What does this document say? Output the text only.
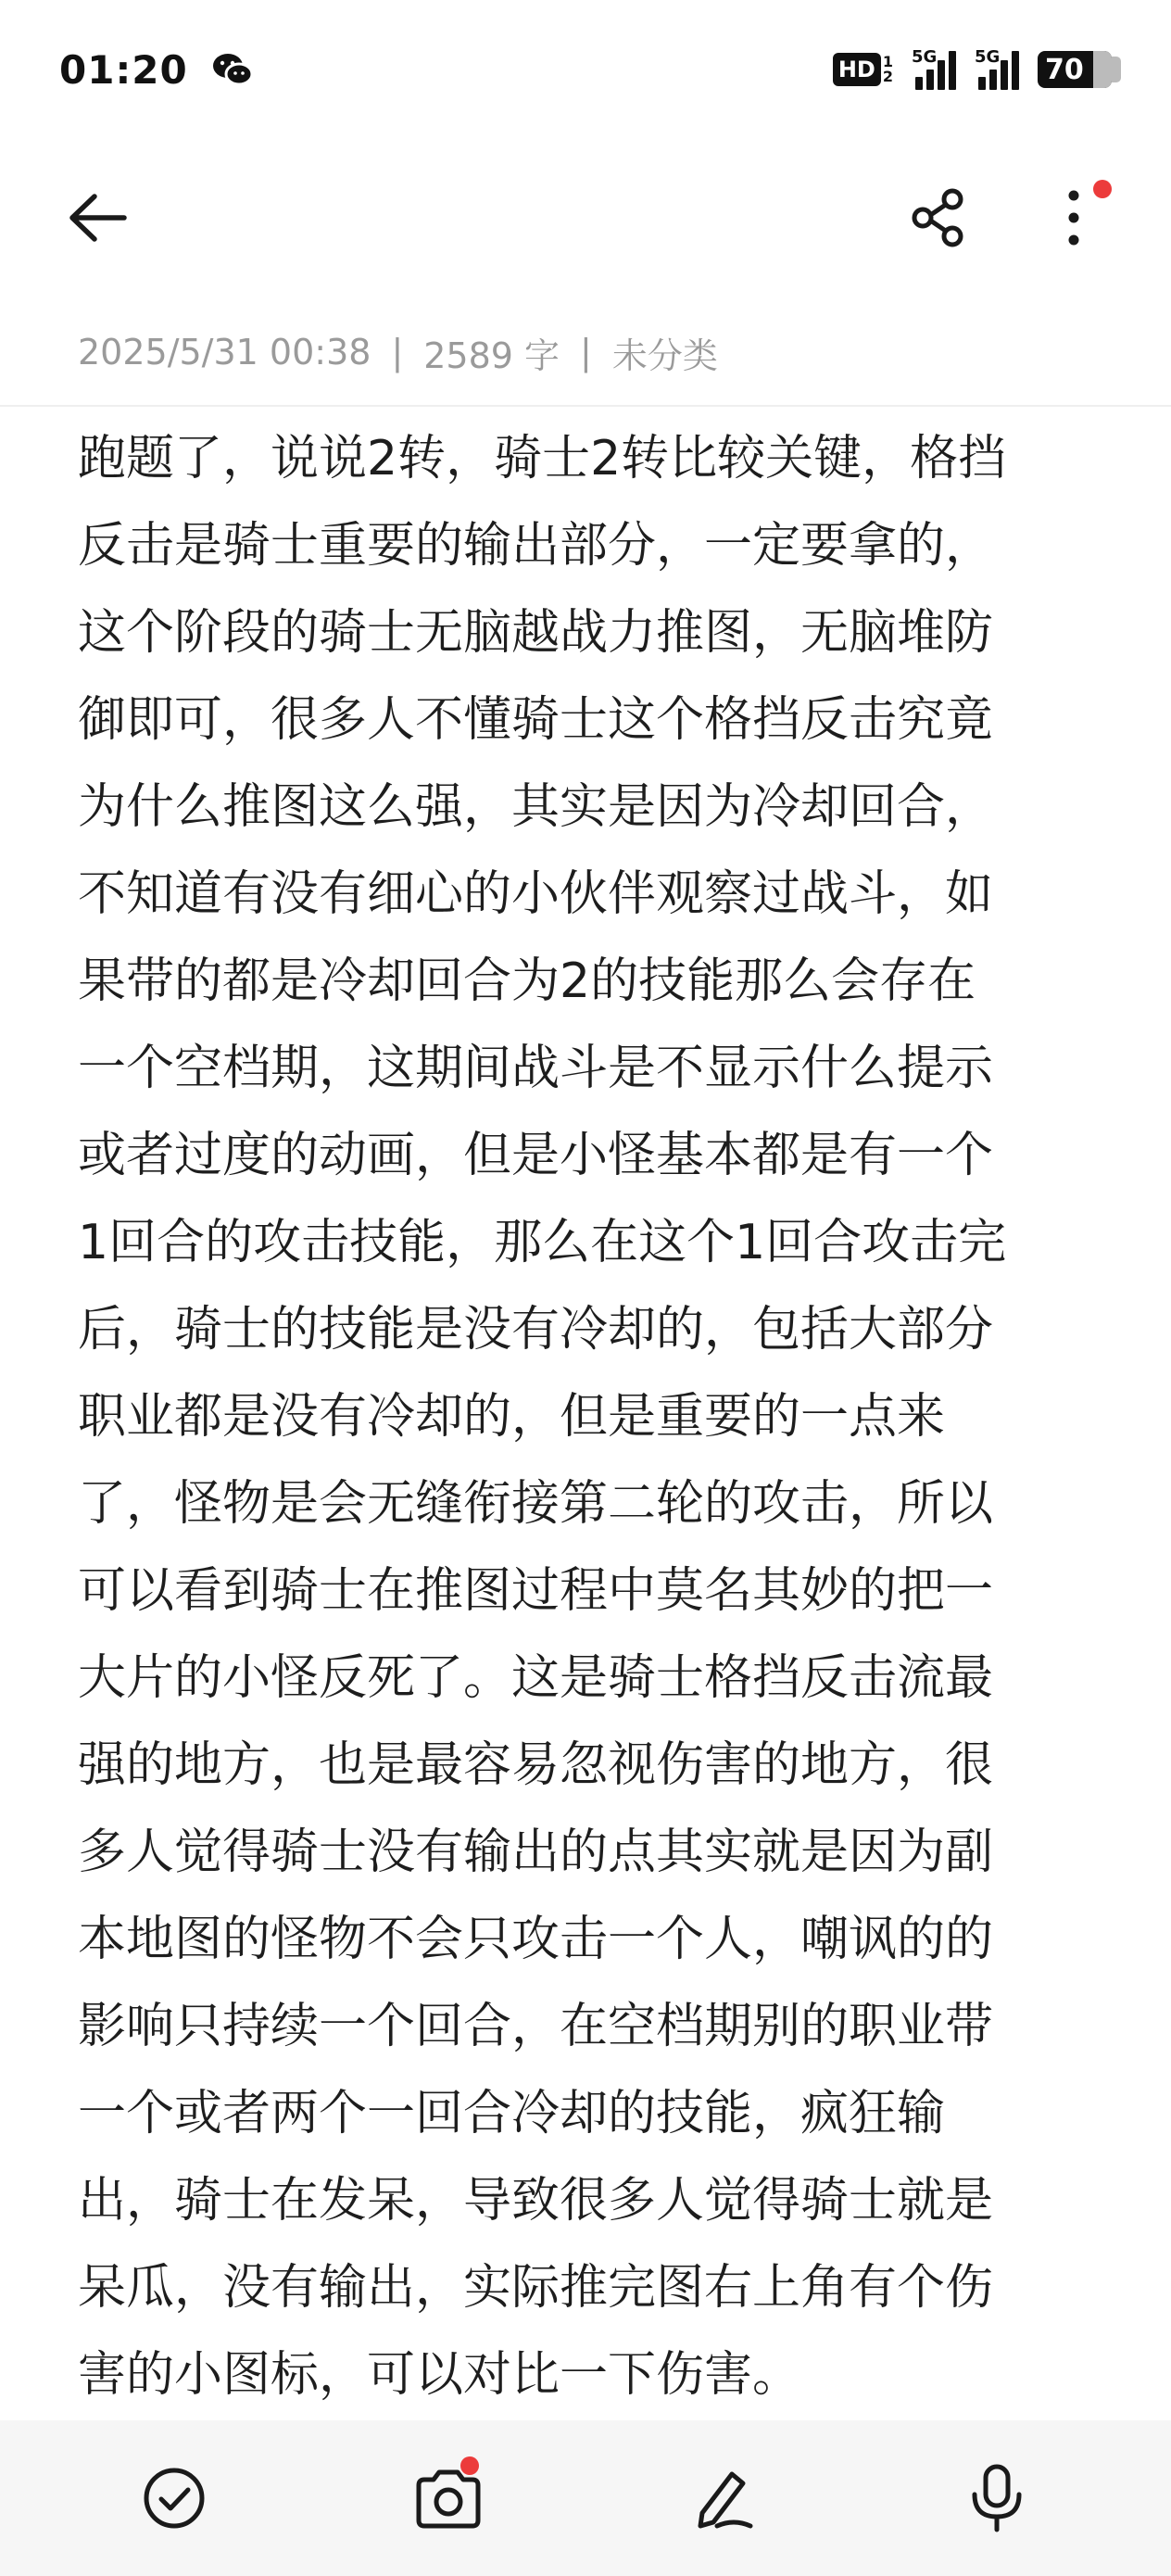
01:20	HD 1
2
5G 5G 70
2025/5/31 00:38 | 2589 字 | 未分类

跑题了，说说2转，骑士2转比较关键，格挡

反击是骑士重要的输出部分，一定要拿的，

这个阶段的骑士无脑越战力推图，无脑堆防

御即可，很多人不懂骑士这个格挡反击究竟

为什么推图这么强，其实是因为冷却回合，

不知道有没有细心的小伙伴观察过战斗，如

果带的都是冷却回合为2的技能那么会存在

一个空档期，这期间战斗是不显示什么提示

或者过度的动画，但是小怪基本都是有一个

1回合的攻击技能，那么在这个1回合攻击完

后，骑士的技能是没有冷却的，包括大部分

职业都是没有冷却的，但是重要的一点来

了，怪物是会无缝衔接第二轮的攻击，所以

可以看到骑士在推图过程中莫名其妙的把一

大片的小怪反死了。这是骑士格挡反击流最

强的地方，也是最容易忽视伤害的地方，很

多人觉得骑士没有输出的点其实就是因为副

本地图的怪物不会只攻击一个人，嘲讽的的

影响只持续一个回合，在空档期别的职业带

一个或者两个一回合冷却的技能，疯狂输

出，骑士在发呆，导致很多人觉得骑士就是

呆瓜，没有输出，实际推完图右上角有个伤

害的小图标，可以对比一下伤害。
